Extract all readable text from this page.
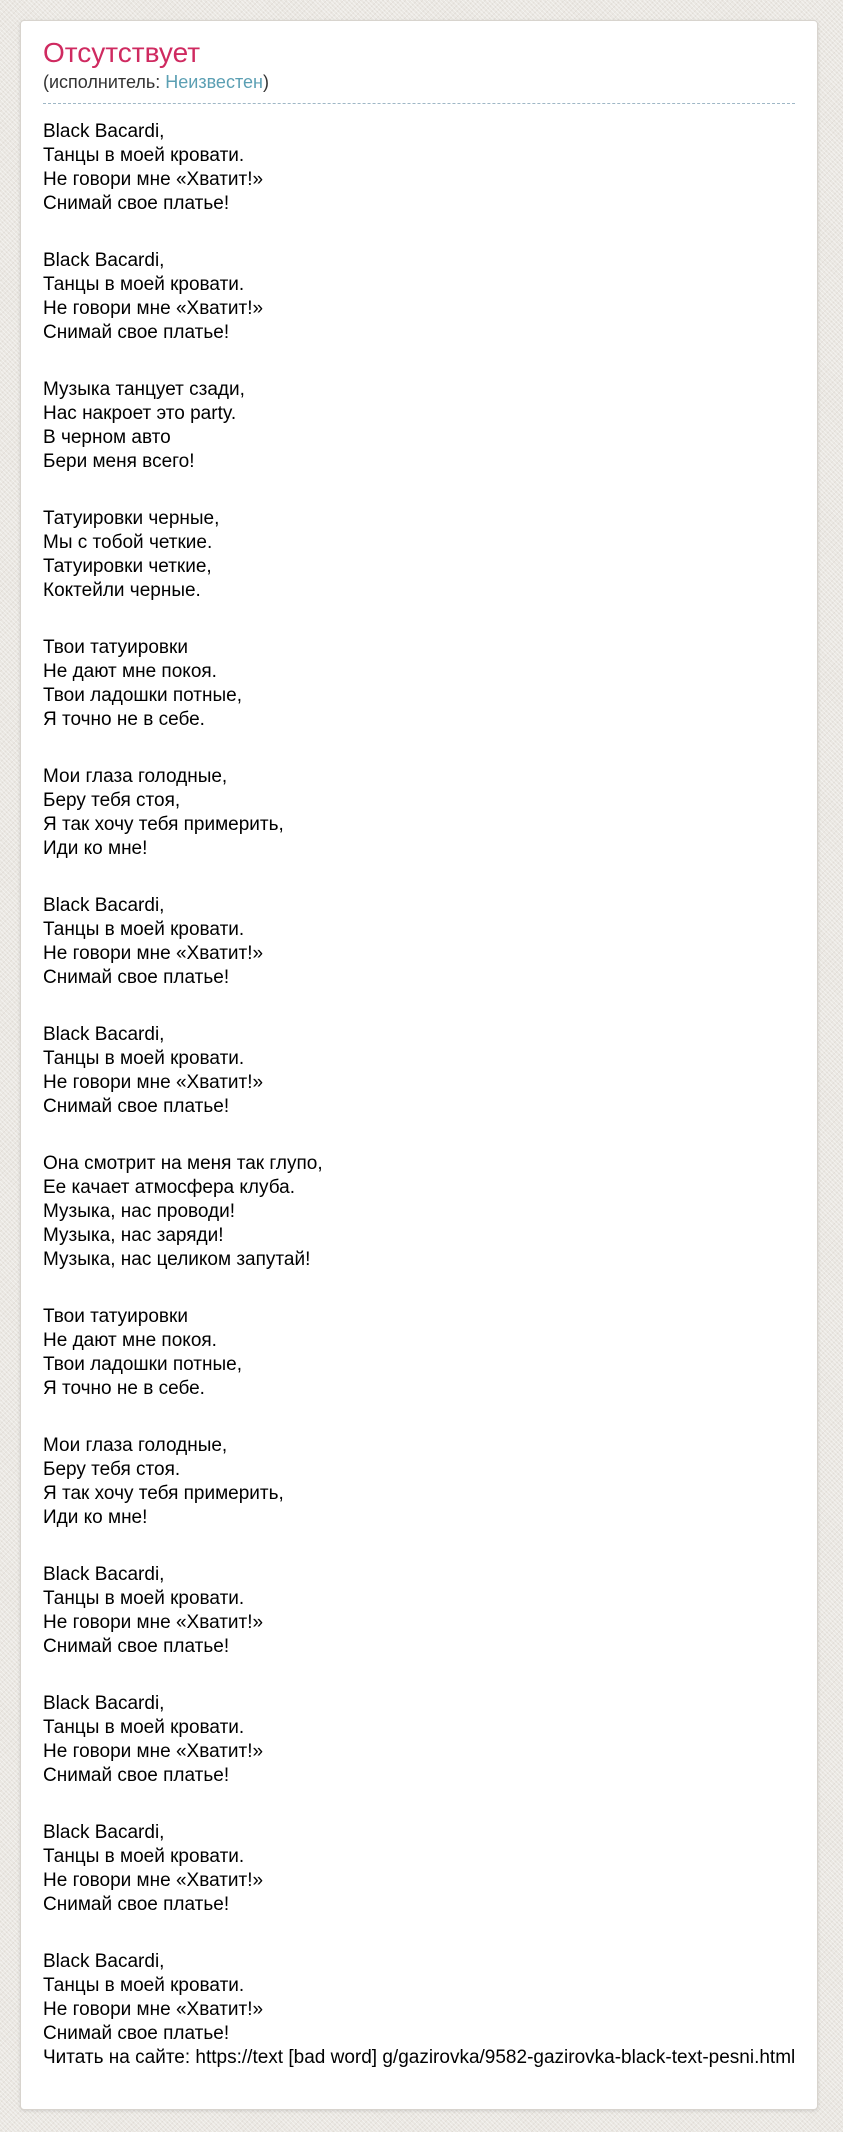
Отсутствует
(исполнитель: Неизвестен)

Black Bacardi,
Танцы в моей кровати.
Не говори мне «Хватит!»
Снимай свое платье!

Black Bacardi,
Танцы в моей кровати.
Не говори мне «Хватит!»
Снимай свое платье!

Музыка танцует сзади,
Нас накроет это party.
В черном авто
Бери меня всего!

Татуировки черные,
Мы с тобой четкие.
Татуировки четкие,
Коктейли черные.

Твои татуировки
Не дают мне покоя.
Твои ладошки потные,
Я точно не в себе.

Мои глаза голодные,
Беру тебя стоя,
Я так хочу тебя примерить,
Иди ко мне!

Black Bacardi,
Танцы в моей кровати.
Не говори мне «Хватит!»
Снимай свое платье!

Black Bacardi,
Танцы в моей кровати.
Не говори мне «Хватит!»
Снимай свое платье!

Она смотрит на меня так глупо,
Ее качает атмосфера клуба.
Музыка, нас проводи!
Музыка, нас заряди!
Музыка, нас целиком запутай!

Твои татуировки
Не дают мне покоя.
Твои ладошки потные,
Я точно не в себе.

Мои глаза голодные,
Беру тебя стоя.
Я так хочу тебя примерить,
Иди ко мне!

Black Bacardi,
Танцы в моей кровати.
Не говори мне «Хватит!»
Снимай свое платье!

Black Bacardi,
Танцы в моей кровати.
Не говори мне «Хватит!»
Снимай свое платье!

Black Bacardi,
Танцы в моей кровати.
Не говори мне «Хватит!»
Снимай свое платье!

Black Bacardi,
Танцы в моей кровати.
Не говори мне «Хватит!»
Снимай свое платье!

Читать на сайте: https://text [bad word] g/gazirovka/9582-gazirovka-black-text-pesni.html
